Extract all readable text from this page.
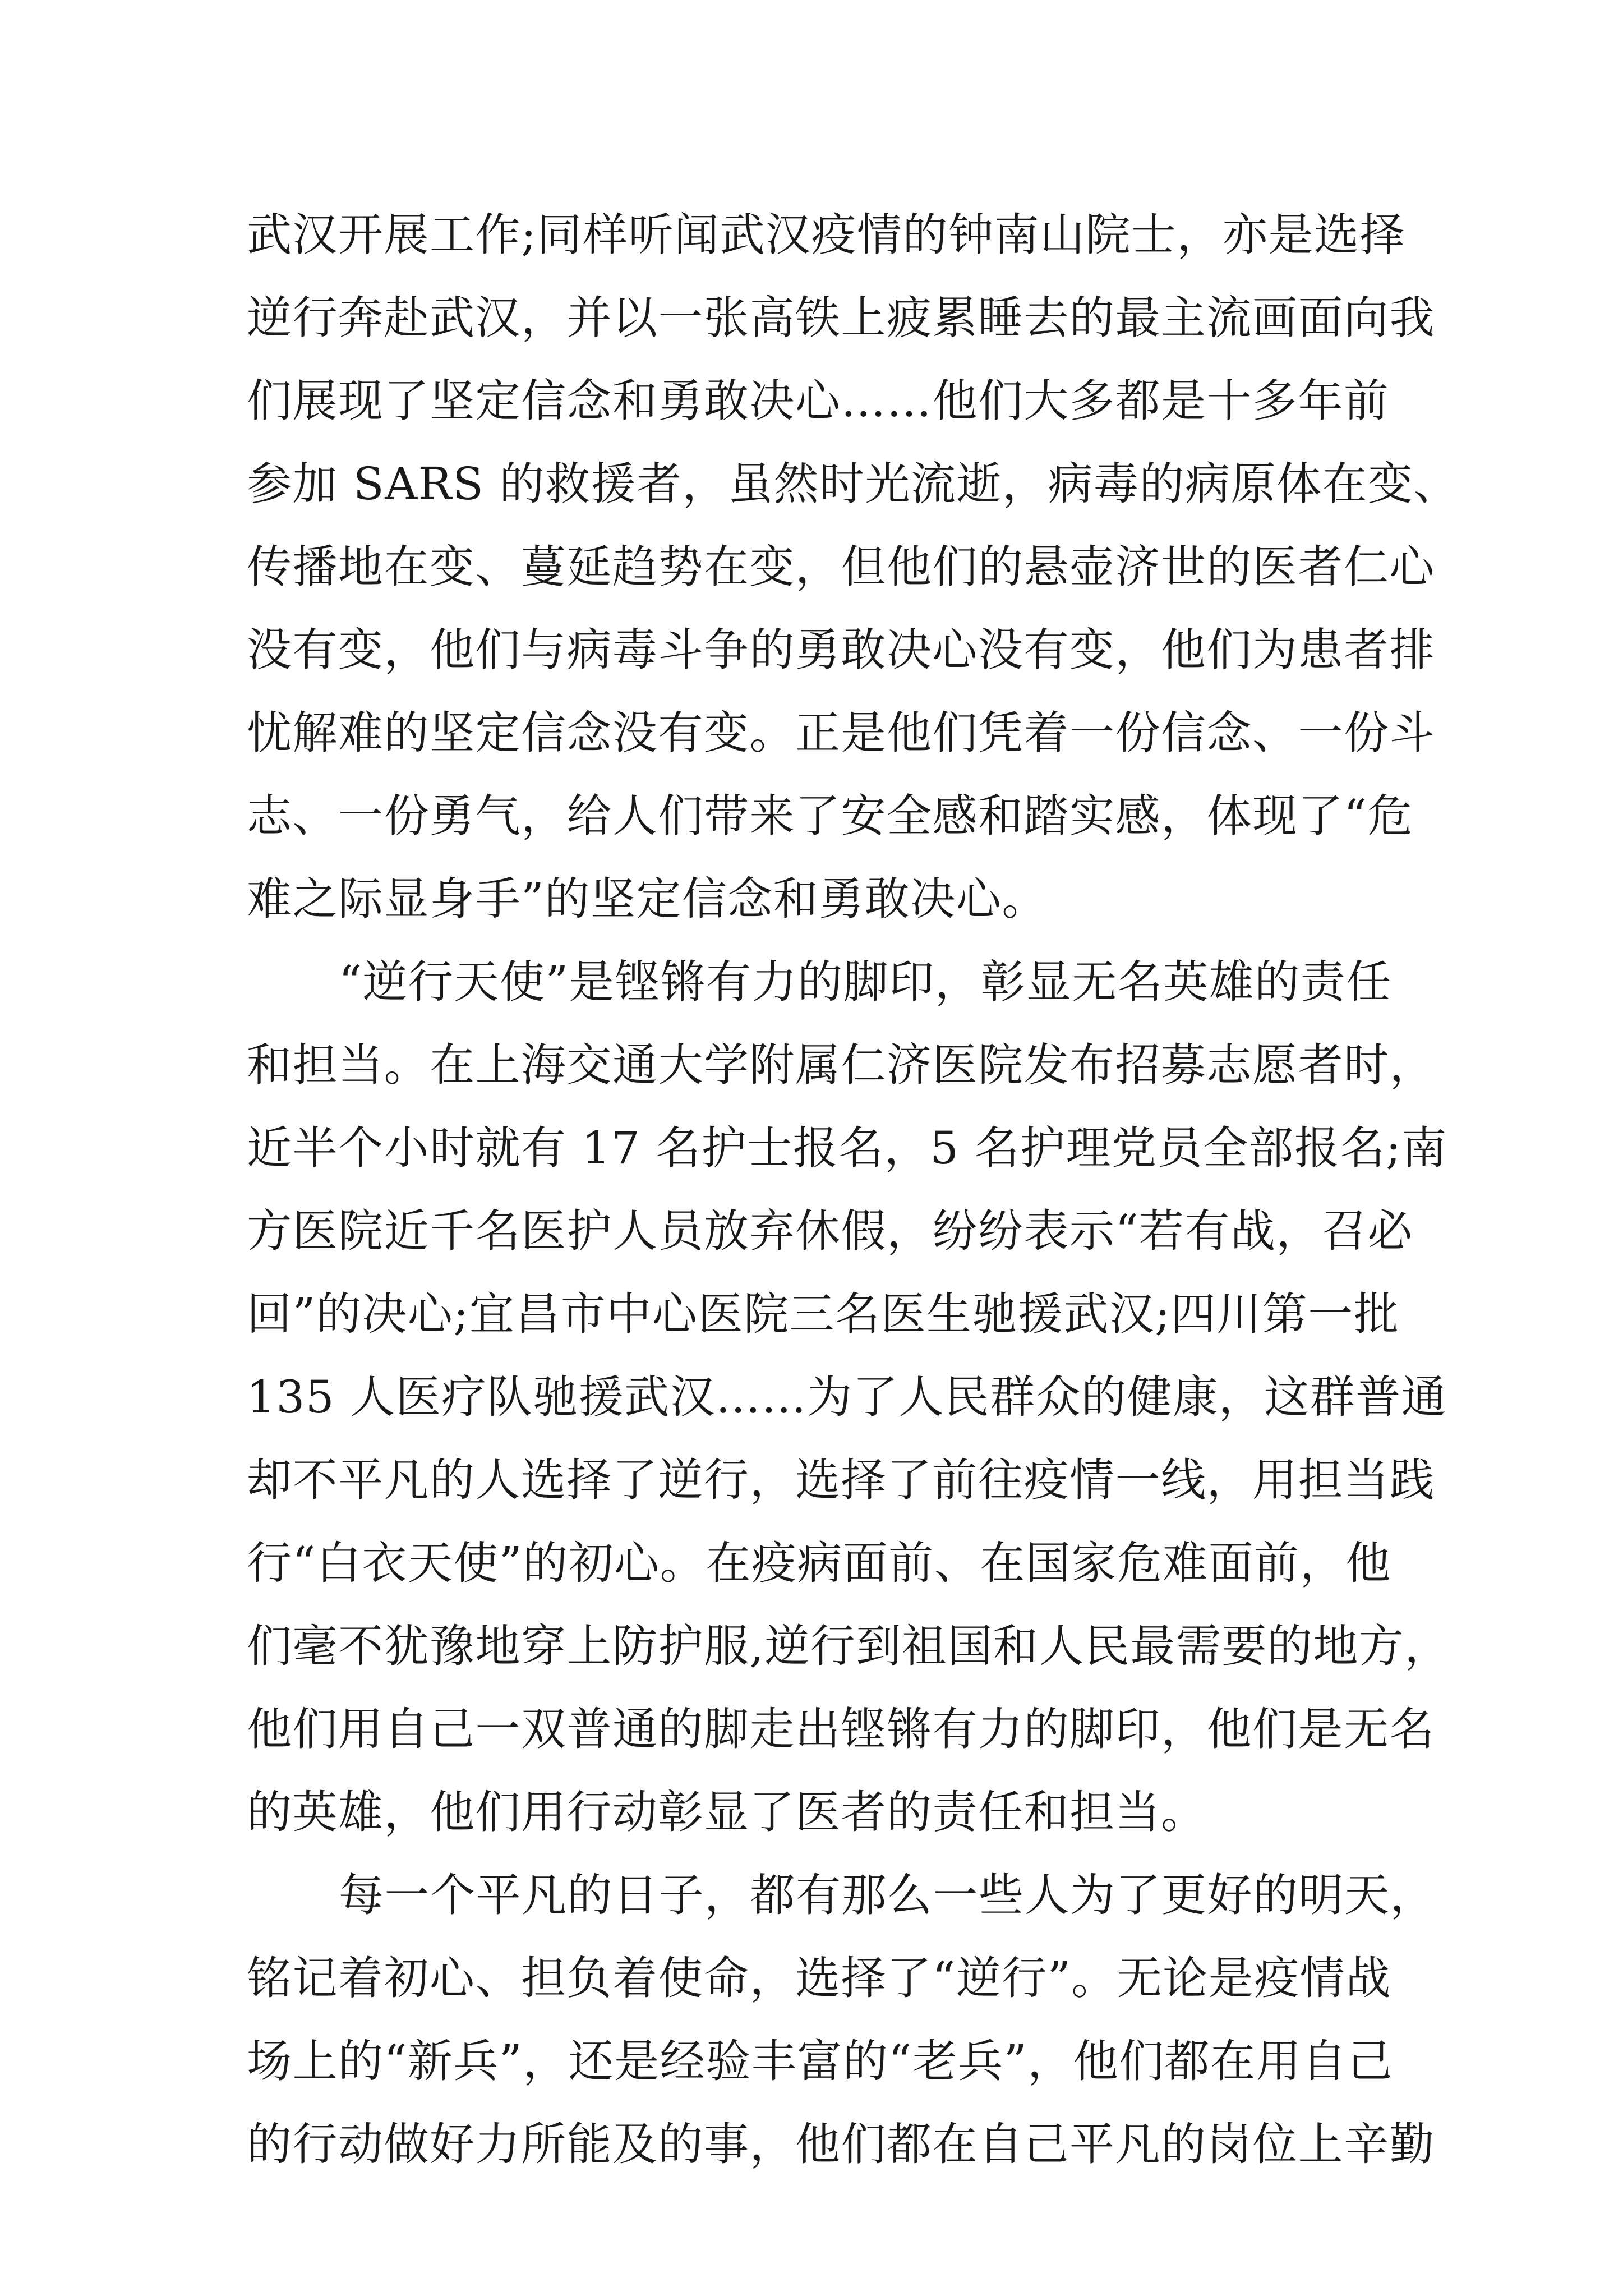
武汉开展工作;同样听闻武汉疫情的钟南山院士，亦是选择
逆行奔赴武汉，并以一张高铁上疲累睡去的最主流画面向我
们展现了坚定信念和勇敢决心……他们大多都是十多年前
参加 SARS 的救援者，虽然时光流逝，病毒的病原体在变、
传播地在变、蔓延趋势在变，但他们的悬壶济世的医者仁心
没有变，他们与病毒斗争的勇敢决心没有变，他们为患者排
忧解难的坚定信念没有变。正是他们凭着一份信念、一份斗
志、一份勇气，给人们带来了安全感和踏实感，体现了“危
难之际显身手”的坚定信念和勇敢决心。
“逆行天使”是铿锵有力的脚印，彰显无名英雄的责任
和担当。在上海交通大学附属仁济医院发布招募志愿者时，
近半个小时就有 17 名护士报名，5 名护理党员全部报名;南
方医院近千名医护人员放弃休假，纷纷表示“若有战，召必
回”的决心;宜昌市中心医院三名医生驰援武汉;四川第一批
135 人医疗队驰援武汉……为了人民群众的健康，这群普通
却不平凡的人选择了逆行，选择了前往疫情一线，用担当践
行“白衣天使”的初心。在疫病面前、在国家危难面前，他
们毫不犹豫地穿上防护服,逆行到祖国和人民最需要的地方，
他们用自己一双普通的脚走出铿锵有力的脚印，他们是无名
的英雄，他们用行动彰显了医者的责任和担当。
每一个平凡的日子，都有那么一些人为了更好的明天，
铭记着初心、担负着使命，选择了“逆行”。无论是疫情战
场上的“新兵”，还是经验丰富的“老兵”，他们都在用自己
的行动做好力所能及的事，他们都在自己平凡的岗位上辛勤
